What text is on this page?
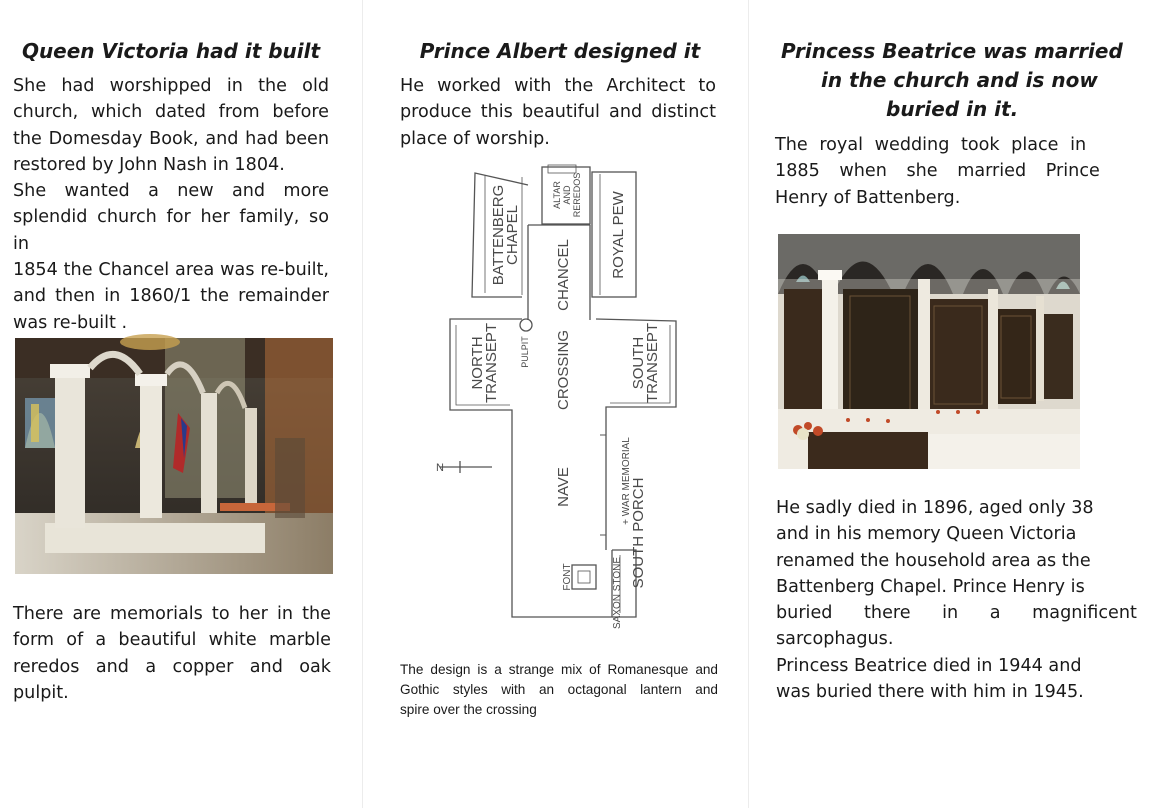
Queen Victoria had it built
She had worshipped in the old
church, which dated from before
the Domesday Book, and had been
restored by John Nash in 1804.
She wanted a new and more
splendid church for her family, so in
1854 the Chancel area was re-built,
and then in 1860/1 the remainder
was re-built .
There are memorials to her in the
form of a beautiful white marble
reredos and a copper and oak
pulpit.
Prince Albert designed it
He worked with the Architect to
produce this beautiful and distinct
place of worship.
BATTENBERG
CHAPEL
ALTAR AND REREDOS ROYAL PEW
CHANCEL
PULPIT
NORTH
TRANSEPT	CROSSING	SOUTH
TRANSEPT
NAVE	+ WAR MEMORIAL
FONT	SAXON STONE
SOUTH PORCH
N
The design is a strange mix of Romanesque and
Gothic styles with an octagonal lantern and
spire over the crossing
Princess Beatrice was married
in the church and is now
buried in it.
The royal wedding took place in
1885 when she married Prince
Henry of Battenberg.
He sadly died in 1896, aged only 38
and in his memory Queen Victoria
renamed the household area as the
Battenberg Chapel. Prince Henry is
buried there in a magnificent
sarcophagus.
Princess Beatrice died in 1944 and
was buried there with him in 1945.
